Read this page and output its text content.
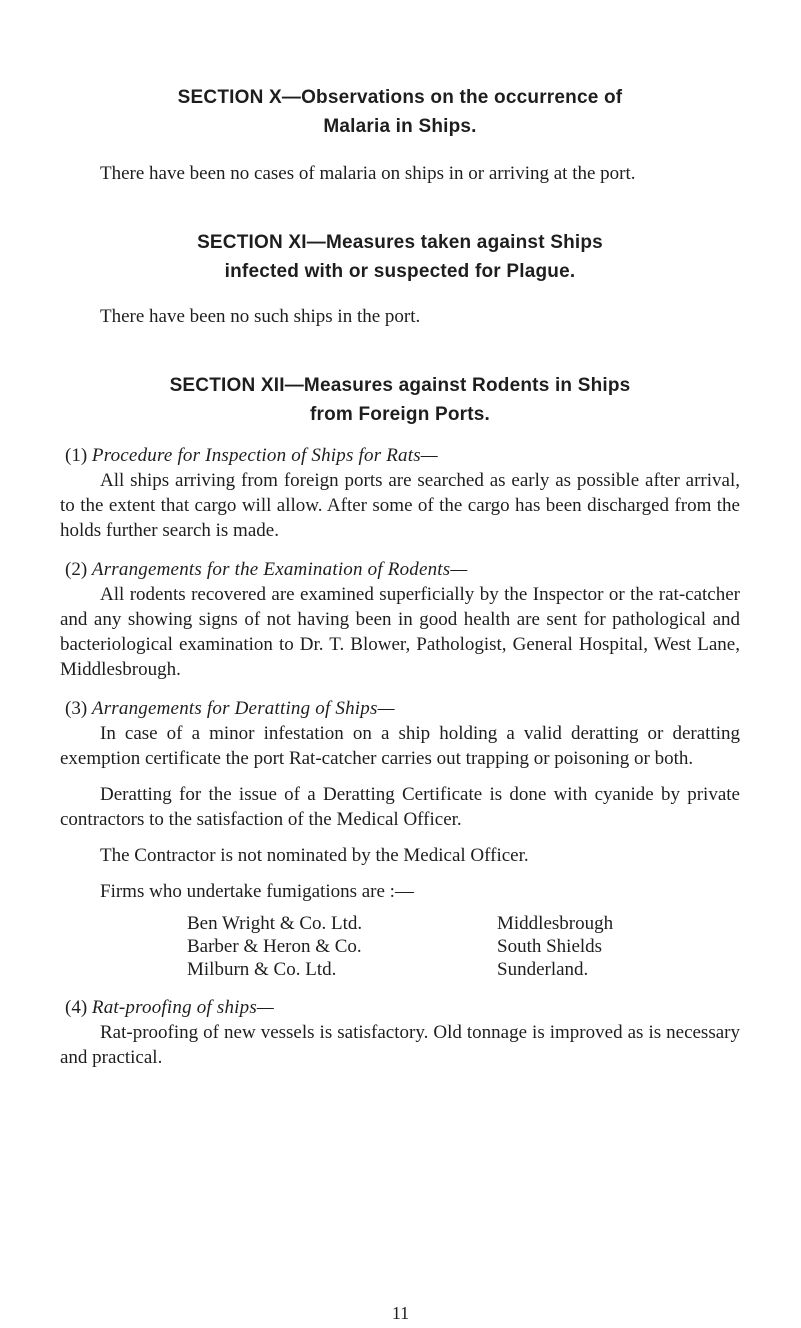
SECTION X—Observations on the occurrence of

Malaria in Ships.

There have been no cases of malaria on ships in or arriving at the port.

SECTION XI—Measures taken against Ships

infected with or suspected for Plague.

There have been no such ships in the port.

SECTION XII—Measures against Rodents in Ships

from Foreign Ports.

(1) Procedure for Inspection of Ships for Rats—

All ships arriving from foreign ports are searched as early as possible after arrival, to the extent that cargo will allow. After some of the cargo has been discharged from the holds further search is made.

(2) Arrangements for the Examination of Rodents—

All rodents recovered are examined superficially by the Inspector or the rat-catcher and any showing signs of not having been in good health are sent for pathological and bacteriological examination to Dr. T. Blower, Pathologist, General Hospital, West Lane, Middlesbrough.

(3) Arrangements for Deratting of Ships—

In case of a minor infestation on a ship holding a valid deratting or deratting exemption certificate the port Rat-catcher carries out trapping or poisoning or both.

Deratting for the issue of a Deratting Certificate is done with cyanide by private contractors to the satisfaction of the Medical Officer.

The Contractor is not nominated by the Medical Officer.

Firms who undertake fumigations are :—

Ben Wright & Co. Ltd.	Middlesbrough
Barber & Heron & Co.	South Shields
Milburn & Co. Ltd.	Sunderland.

(4) Rat-proofing of ships—

Rat-proofing of new vessels is satisfactory. Old tonnage is improved as is necessary and practical.

11
